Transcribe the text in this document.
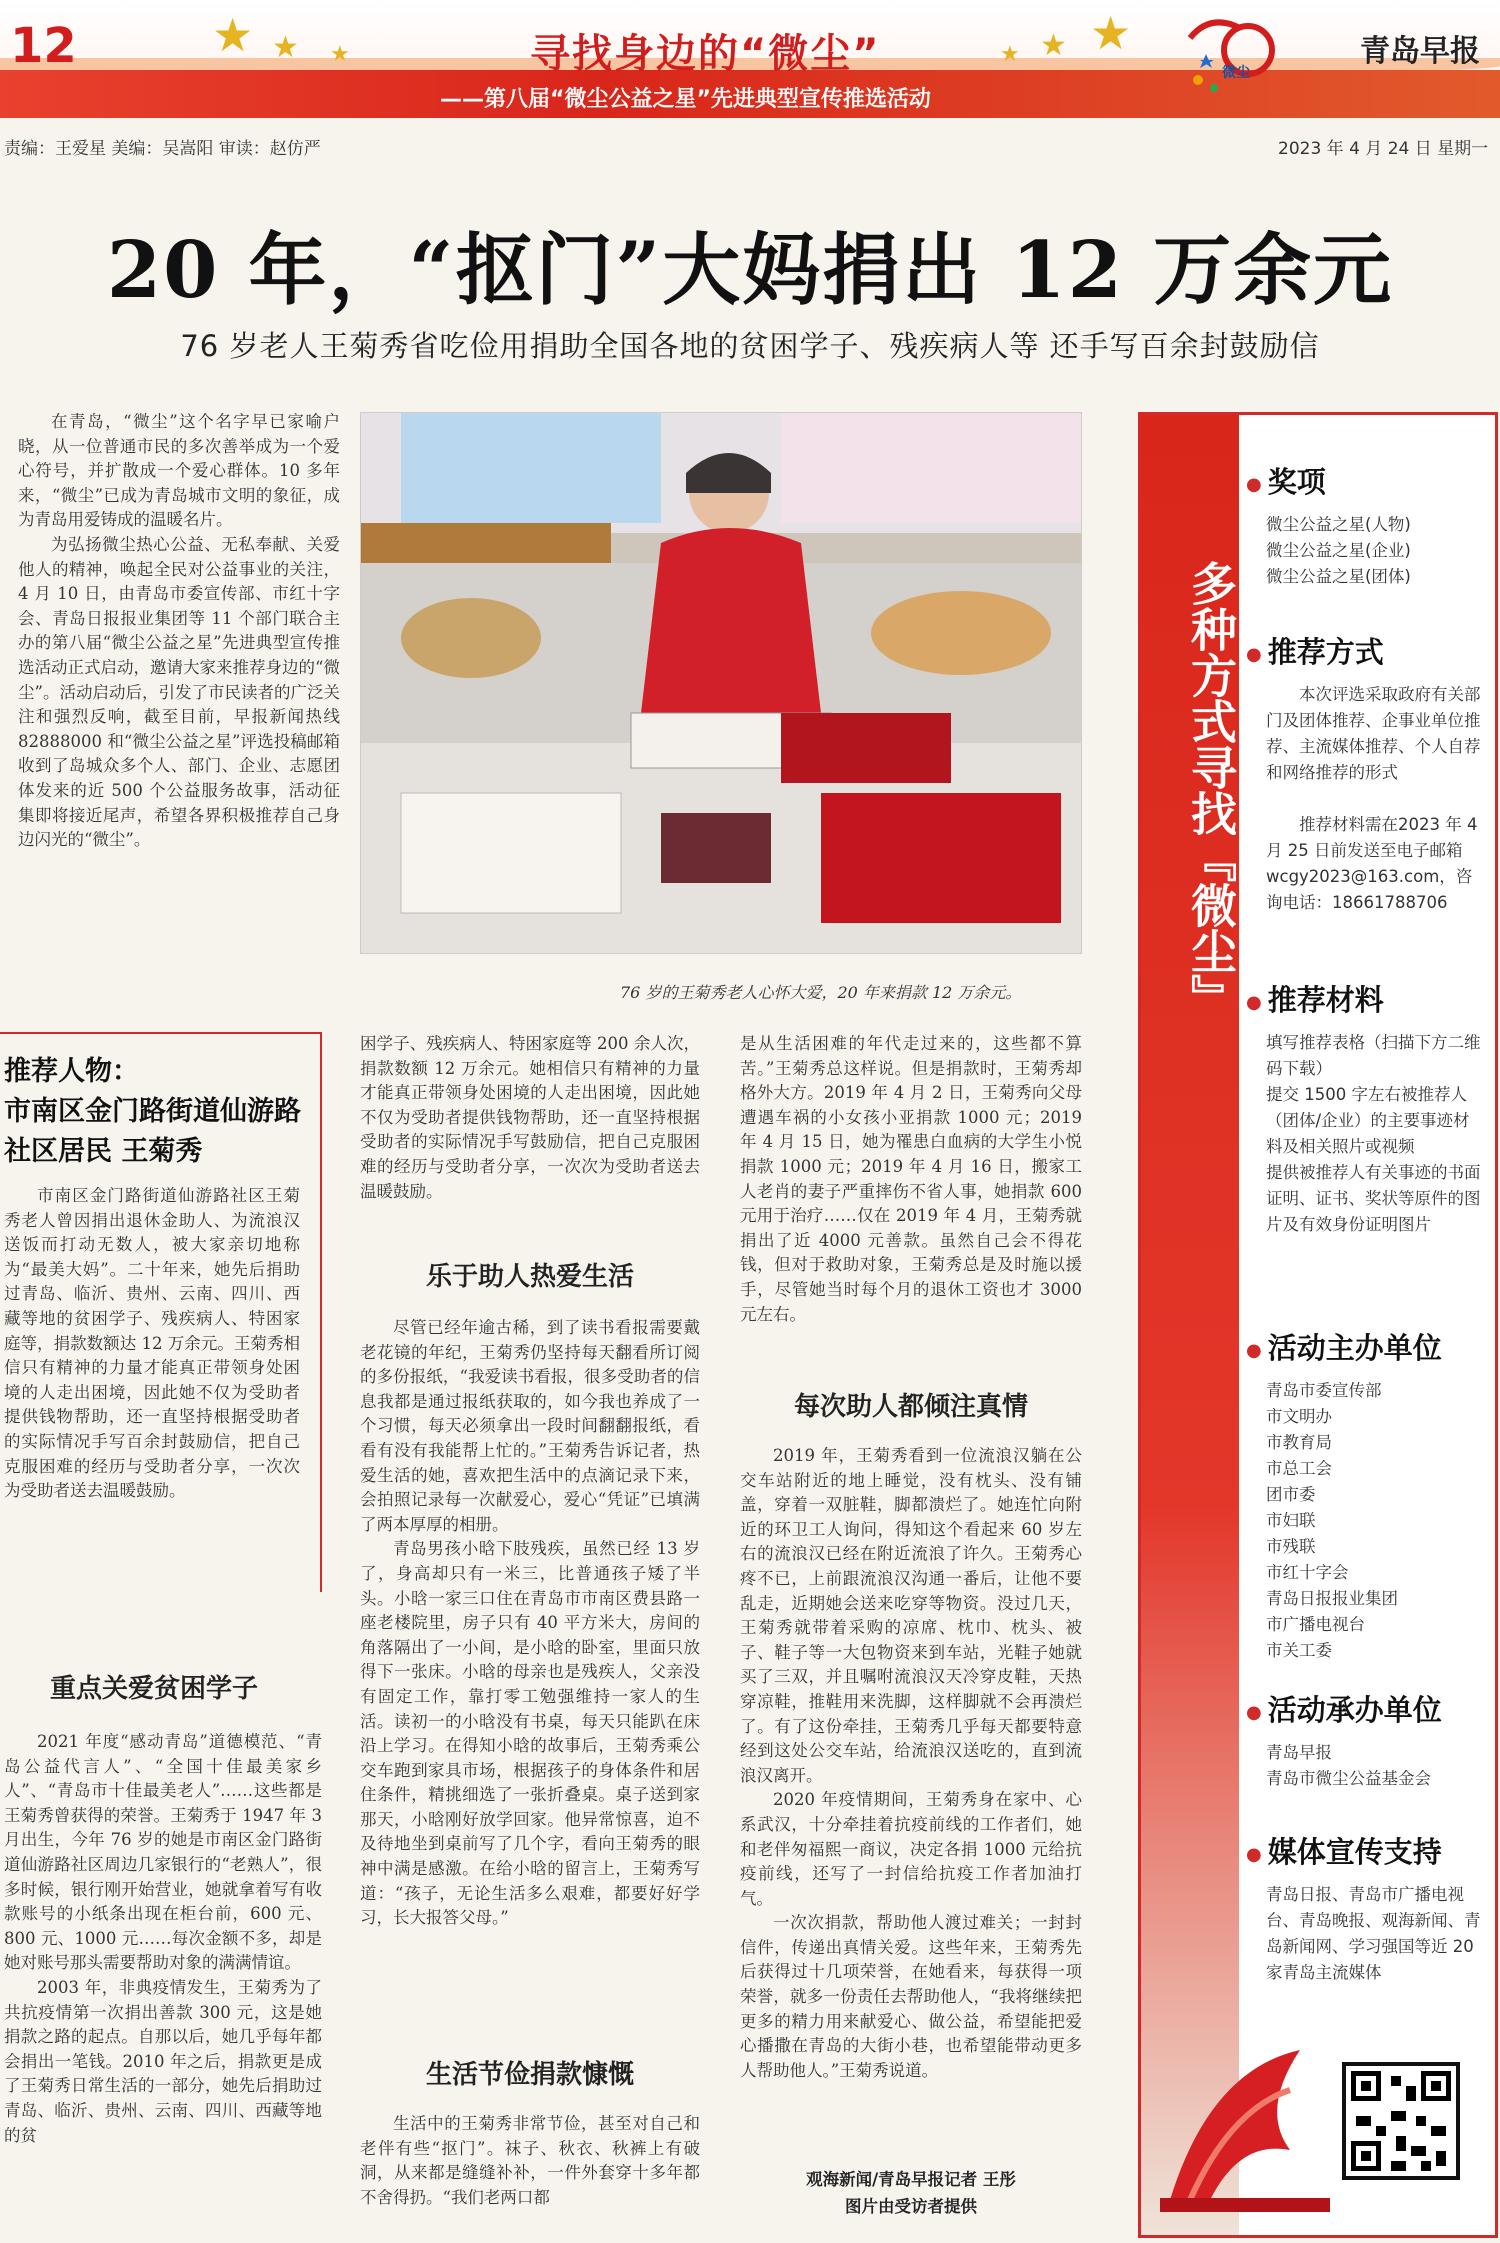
★ ★ ★	★
★
★
12	寻找身边的“微尘”
——第八届“微尘公益之星”先进典型宣传推选活动
微尘
青岛早报
责编：王爱星 美编：吴嵩阳 审读：赵仿严	2023 年 4 月 24 日 星期一
20 年，“抠门”大妈捐出 12 万余元
76 岁老人王菊秀省吃俭用捐助全国各地的贫困学子、残疾病人等 还手写百余封鼓励信

在青岛，“微尘”这个名字早已家喻户晓，从一位普通市民的多次善举成为一个爱心符号，并扩散成一个爱心群体。10 多年来，“微尘”已成为青岛城市文明的象征，成为青岛用爱铸成的温暖名片。

为弘扬微尘热心公益、无私奉献、关爱他人的精神，唤起全民对公益事业的关注，4 月 10 日，由青岛市委宣传部、市红十字会、青岛日报报业集团等 11 个部门联合主办的第八届“微尘公益之星”先进典型宣传推选活动正式启动，邀请大家来推荐身边的“微尘”。活动启动后，引发了市民读者的广泛关注和强烈反响，截至目前，早报新闻热线 82888000 和“微尘公益之星”评选投稿邮箱收到了岛城众多个人、部门、企业、志愿团体发来的近 500 个公益服务故事，活动征集即将接近尾声，希望各界积极推荐自己身边闪光的“微尘”。

76 岁的王菊秀老人心怀大爱，20 年来捐款 12 万余元。
推荐人物：
市南区金门路街道仙游路社区居民 王菊秀

市南区金门路街道仙游路社区王菊秀老人曾因捐出退休金助人、为流浪汉送饭而打动无数人，被大家亲切地称为“最美大妈”。二十年来，她先后捐助过青岛、临沂、贵州、云南、四川、西藏等地的贫困学子、残疾病人、特困家庭等，捐款数额达 12 万余元。王菊秀相信只有精神的力量才能真正带领身处困境的人走出困境，因此她不仅为受助者提供钱物帮助，还一直坚持根据受助者的实际情况手写百余封鼓励信，把自己克服困难的经历与受助者分享，一次次为受助者送去温暖鼓励。

重点关爱贫困学子

2021 年度“感动青岛”道德模范、“青岛公益代言人”、“全国十佳最美家乡人”、“青岛市十佳最美老人”……这些都是王菊秀曾获得的荣誉。王菊秀于 1947 年 3 月出生，今年 76 岁的她是市南区金门路街道仙游路社区周边几家银行的“老熟人”，很多时候，银行刚开始营业，她就拿着写有收款账号的小纸条出现在柜台前，600 元、800 元、1000 元……每次金额不多，却是她对账号那头需要帮助对象的满满情谊。

2003 年，非典疫情发生，王菊秀为了共抗疫情第一次捐出善款 300 元，这是她捐款之路的起点。自那以后，她几乎每年都会捐出一笔钱。2010 年之后，捐款更是成了王菊秀日常生活的一部分，她先后捐助过青岛、临沂、贵州、云南、四川、西藏等地的贫

困学子、残疾病人、特困家庭等 200 余人次，捐款数额 12 万余元。她相信只有精神的力量才能真正带领身处困境的人走出困境，因此她不仅为受助者提供钱物帮助，还一直坚持根据受助者的实际情况手写鼓励信，把自己克服困难的经历与受助者分享，一次次为受助者送去温暖鼓励。

乐于助人热爱生活

尽管已经年逾古稀，到了读书看报需要戴老花镜的年纪，王菊秀仍坚持每天翻看所订阅的多份报纸，“我爱读书看报，很多受助者的信息我都是通过报纸获取的，如今我也养成了一个习惯，每天必须拿出一段时间翻翻报纸，看看有没有我能帮上忙的。”王菊秀告诉记者，热爱生活的她，喜欢把生活中的点滴记录下来，会拍照记录每一次献爱心，爱心“凭证”已填满了两本厚厚的相册。

青岛男孩小晗下肢残疾，虽然已经 13 岁了，身高却只有一米三，比普通孩子矮了半头。小晗一家三口住在青岛市市南区费县路一座老楼院里，房子只有 40 平方米大，房间的角落隔出了一小间，是小晗的卧室，里面只放得下一张床。小晗的母亲也是残疾人，父亲没有固定工作，靠打零工勉强维持一家人的生活。读初一的小晗没有书桌，每天只能趴在床沿上学习。在得知小晗的故事后，王菊秀乘公交车跑到家具市场，根据孩子的身体条件和居住条件，精挑细选了一张折叠桌。桌子送到家那天，小晗刚好放学回家。他异常惊喜，迫不及待地坐到桌前写了几个字，看向王菊秀的眼神中满是感激。在给小晗的留言上，王菊秀写道：“孩子，无论生活多么艰难，都要好好学习，长大报答父母。”

生活节俭捐款慷慨

生活中的王菊秀非常节俭，甚至对自己和老伴有些“抠门”。袜子、秋衣、秋裤上有破洞，从来都是缝缝补补，一件外套穿十多年都不舍得扔。“我们老两口都

是从生活困难的年代走过来的，这些都不算苦。”王菊秀总这样说。但是捐款时，王菊秀却格外大方。2019 年 4 月 2 日，王菊秀向父母遭遇车祸的小女孩小亚捐款 1000 元；2019 年 4 月 15 日，她为罹患白血病的大学生小悦捐款 1000 元；2019 年 4 月 16 日，搬家工人老肖的妻子严重摔伤不省人事，她捐款 600 元用于治疗……仅在 2019 年 4 月，王菊秀就捐出了近 4000 元善款。虽然自己会不得花钱，但对于救助对象，王菊秀总是及时施以援手，尽管她当时每个月的退休工资也才 3000 元左右。

每次助人都倾注真情

2019 年，王菊秀看到一位流浪汉躺在公交车站附近的地上睡觉，没有枕头、没有铺盖，穿着一双脏鞋，脚都溃烂了。她连忙向附近的环卫工人询问，得知这个看起来 60 岁左右的流浪汉已经在附近流浪了许久。王菊秀心疼不已，上前跟流浪汉沟通一番后，让他不要乱走，近期她会送来吃穿等物资。没过几天，王菊秀就带着采购的凉席、枕巾、枕头、被子、鞋子等一大包物资来到车站，光鞋子她就买了三双，并且嘱咐流浪汉天冷穿皮鞋，天热穿凉鞋，推鞋用来洗脚，这样脚就不会再溃烂了。有了这份牵挂，王菊秀几乎每天都要特意经到这处公交车站，给流浪汉送吃的，直到流浪汉离开。

2020 年疫情期间，王菊秀身在家中、心系武汉，十分牵挂着抗疫前线的工作者们，她和老伴匆福熙一商议，决定各捐 1000 元给抗疫前线，还写了一封信给抗疫工作者加油打气。

一次次捐款，帮助他人渡过难关；一封封信件，传递出真情关爱。这些年来，王菊秀先后获得过十几项荣誉，在她看来，每获得一项荣誉，就多一份责任去帮助他人，“我将继续把更多的精力用来献爱心、做公益，希望能把爱心播撒在青岛的大街小巷，也希望能带动更多人帮助他人。”王菊秀说道。

观海新闻/青岛早报记者 王彤
图片由受访者提供
多种方式寻找『微尘』
● 奖项
微尘公益之星(人物)
微尘公益之星(企业)
微尘公益之星(团体)
● 推荐方式
本次评选采取政府有关部门及团体推荐、企事业单位推荐、主流媒体推荐、个人自荐和网络推荐的形式
推荐材料需在2023 年 4 月 25 日前发送至电子邮箱 wcgy2023@163.com，咨询电话：18661788706
● 推荐材料
填写推荐表格（扫描下方二维码下载）
提交 1500 字左右被推荐人（团体/企业）的主要事迹材料及相关照片或视频
提供被推荐人有关事迹的书面证明、证书、奖状等原件的图片及有效身份证明图片
● 活动主办单位
青岛市委宣传部
市文明办
市教育局
市总工会
团市委
市妇联
市残联
市红十字会
青岛日报报业集团
市广播电视台
市关工委
● 活动承办单位
青岛早报
青岛市微尘公益基金会
● 媒体宣传支持
青岛日报、青岛市广播电视台、青岛晚报、观海新闻、青岛新闻网、学习强国等近 20 家青岛主流媒体
